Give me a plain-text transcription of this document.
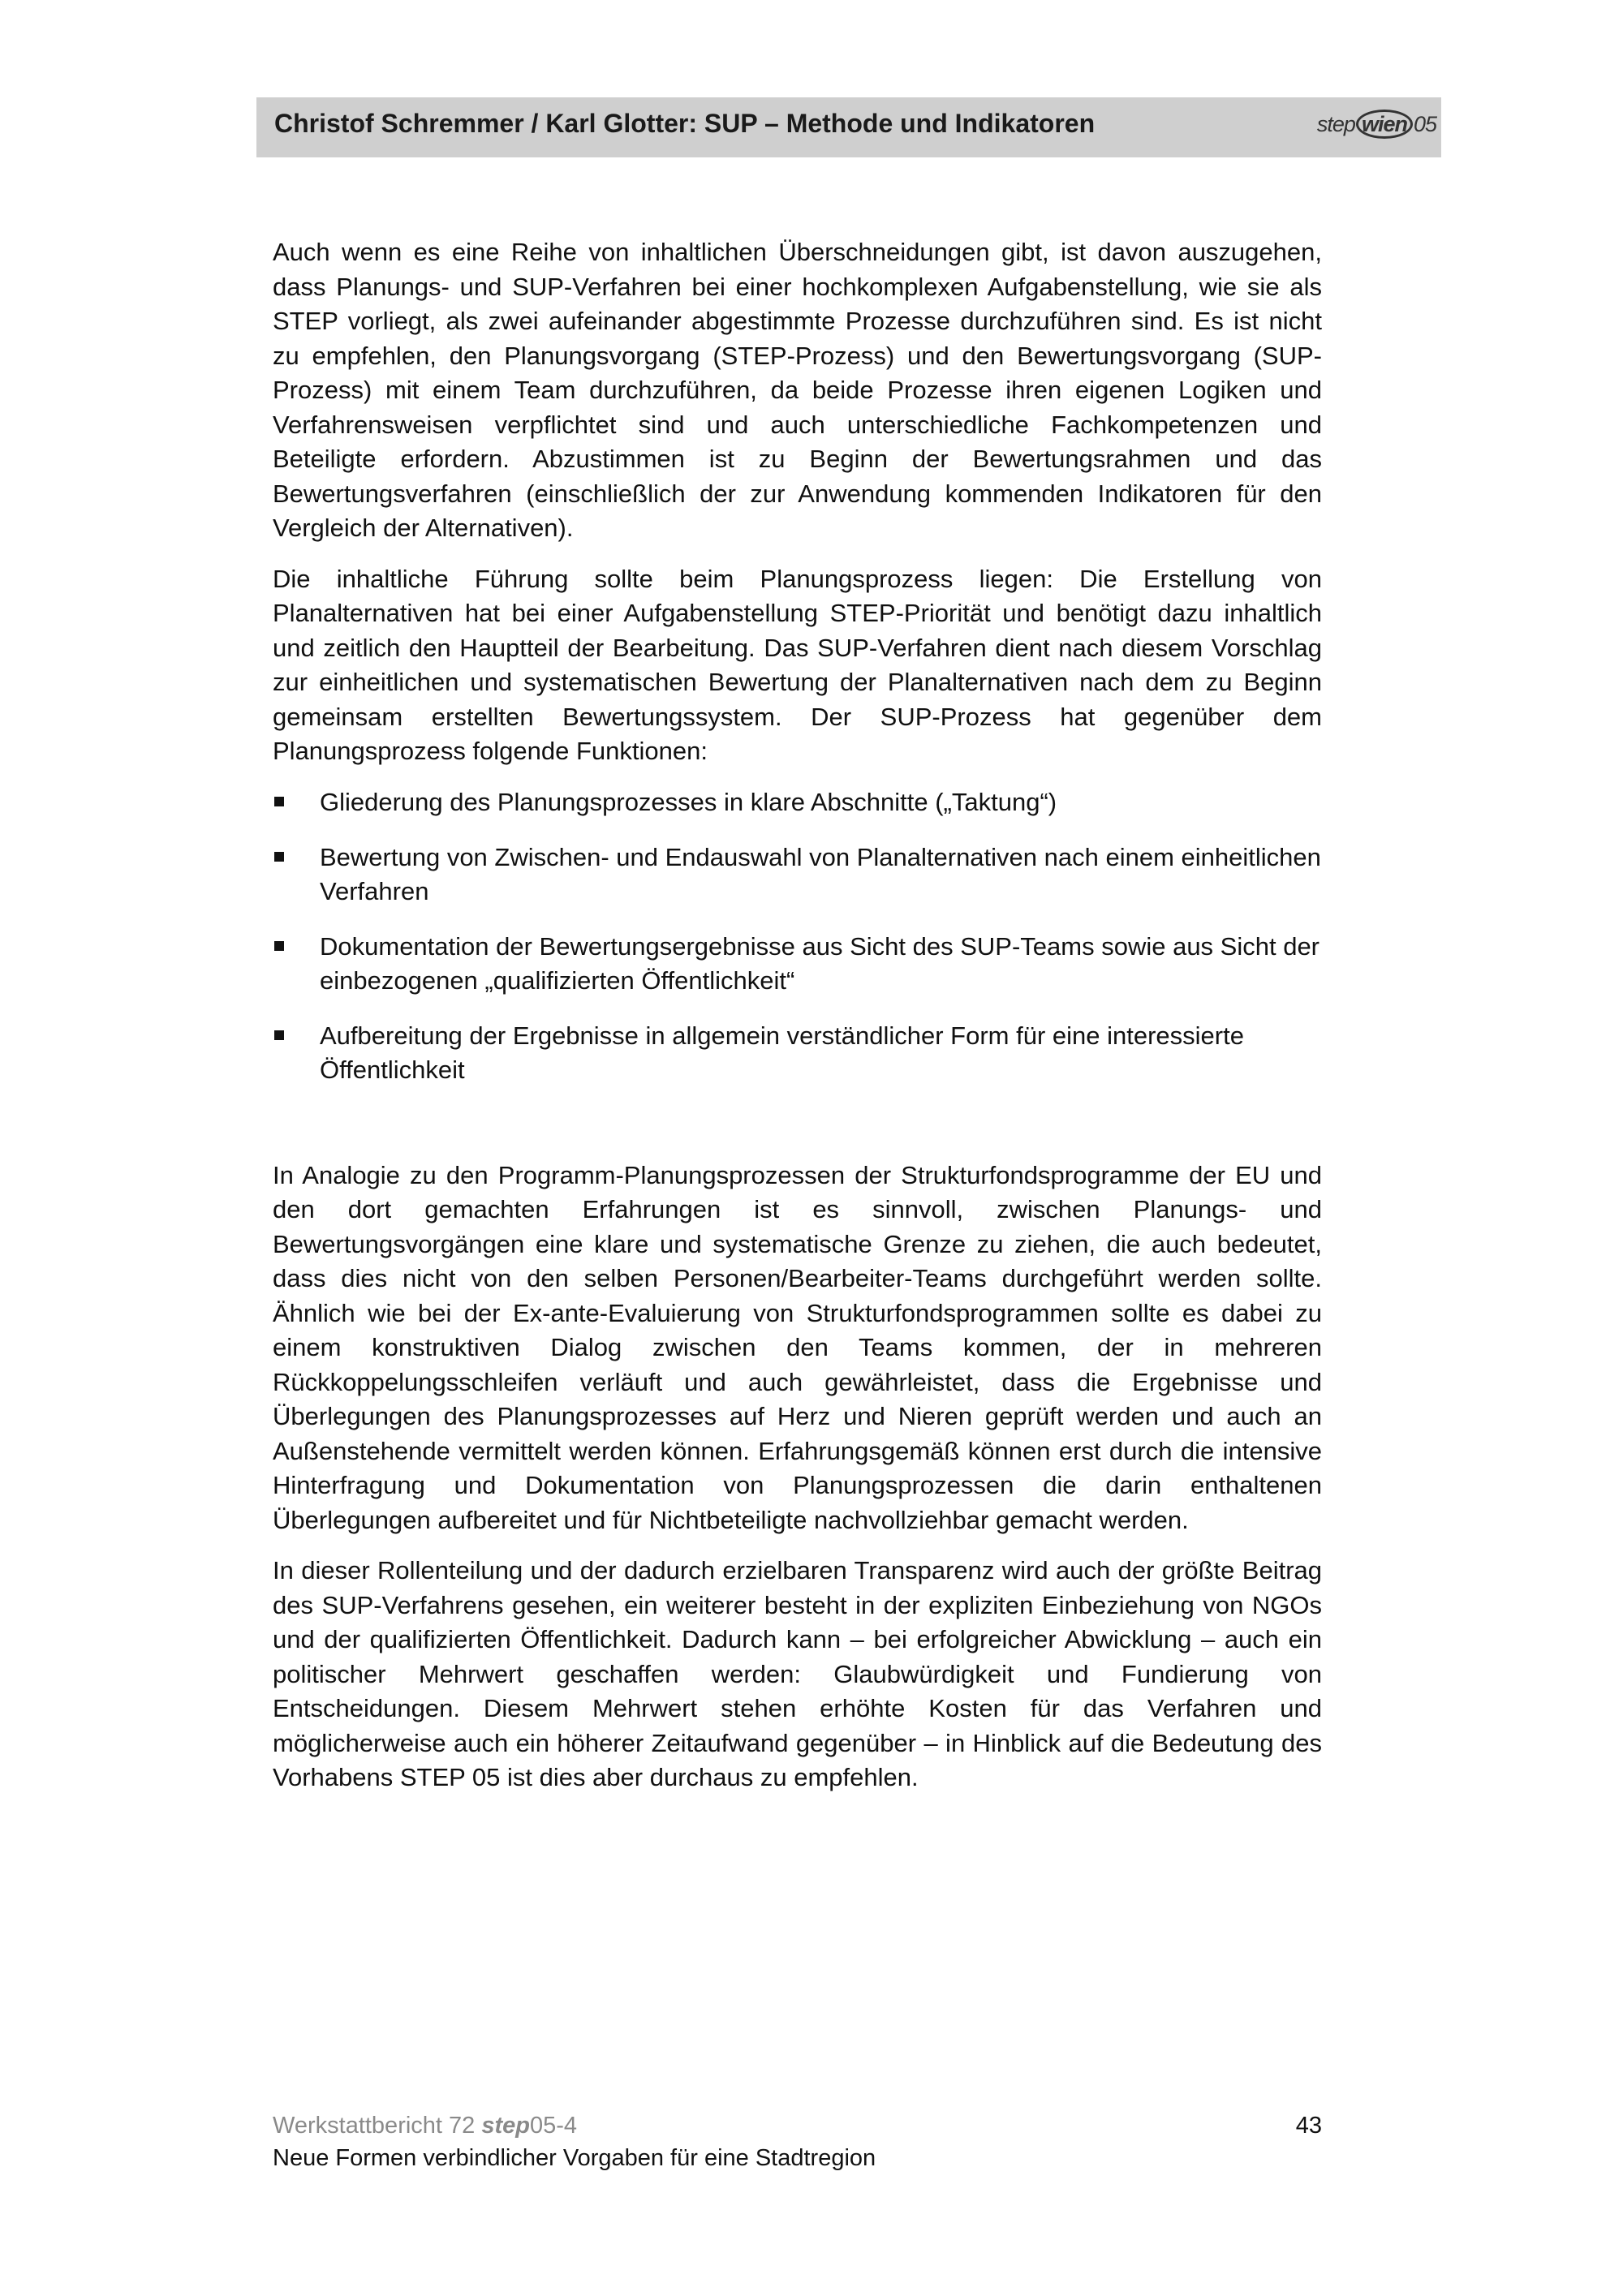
Christof Schremmer / Karl Glotter: SUP – Methode und Indikatoren	step wien 05

Auch wenn es eine Reihe von inhaltlichen Überschneidungen gibt, ist davon auszugehen, dass Planungs- und SUP-Verfahren bei einer hochkomplexen Aufgabenstellung, wie sie als STEP vorliegt, als zwei aufeinander abgestimmte Prozesse durchzuführen sind. Es ist nicht zu empfehlen, den Planungsvorgang (STEP-Prozess) und den Bewertungsvorgang (SUP-Prozess) mit einem Team durchzuführen, da beide Prozesse ihren eigenen Logiken und Verfahrensweisen verpflichtet sind und auch unterschiedliche Fachkompetenzen und Beteiligte erfordern. Abzustimmen ist zu Beginn der Bewertungsrahmen und das Bewertungsverfahren (einschließlich der zur Anwendung kommenden Indikatoren für den Vergleich der Alternativen).

Die inhaltliche Führung sollte beim Planungsprozess liegen: Die Erstellung von Planalternativen hat bei einer Aufgabenstellung STEP-Priorität und benötigt dazu inhaltlich und zeitlich den Hauptteil der Bearbeitung. Das SUP-Verfahren dient nach diesem Vorschlag zur einheitlichen und systematischen Bewertung der Planalternativen nach dem zu Beginn gemeinsam erstellten Bewertungssystem. Der SUP-Prozess hat gegenüber dem Planungsprozess folgende Funktionen:

Gliederung des Planungsprozesses in klare Abschnitte („Taktung“)
Bewertung von Zwischen- und Endauswahl von Planalternativen nach einem einheitlichen Verfahren
Dokumentation der Bewertungsergebnisse aus Sicht des SUP-Teams sowie aus Sicht der einbezogenen „qualifizierten Öffentlichkeit“
Aufbereitung der Ergebnisse in allgemein verständlicher Form für eine interessierte Öffentlichkeit

In Analogie zu den Programm-Planungsprozessen der Strukturfondsprogramme der EU und den dort gemachten Erfahrungen ist es sinnvoll, zwischen Planungs- und Bewertungsvorgängen eine klare und systematische Grenze zu ziehen, die auch bedeutet, dass dies nicht von den selben Personen/Bearbeiter-Teams durchgeführt werden sollte. Ähnlich wie bei der Ex-ante-Evaluierung von Strukturfondsprogrammen sollte es dabei zu einem konstruktiven Dialog zwischen den Teams kommen, der in mehreren Rückkoppelungsschleifen verläuft und auch gewährleistet, dass die Ergebnisse und Überlegungen des Planungsprozesses auf Herz und Nieren geprüft werden und auch an Außenstehende vermittelt werden können. Erfahrungsgemäß können erst durch die intensive Hinterfragung und Dokumentation von Planungsprozessen die darin enthaltenen Überlegungen aufbereitet und für Nichtbeteiligte nachvollziehbar gemacht werden.

In dieser Rollenteilung und der dadurch erzielbaren Transparenz wird auch der größte Beitrag des SUP-Verfahrens gesehen, ein weiterer besteht in der expliziten Einbeziehung von NGOs und der qualifizierten Öffentlichkeit. Dadurch kann – bei erfolgreicher Abwicklung – auch ein politischer Mehrwert geschaffen werden: Glaubwürdigkeit und Fundierung von Entscheidungen. Diesem Mehrwert stehen erhöhte Kosten für das Verfahren und möglicherweise auch ein höherer Zeitaufwand gegenüber – in Hinblick auf die Bedeutung des Vorhabens STEP 05 ist dies aber durchaus zu empfehlen.

Werkstattbericht 72 step05-4
Neue Formen verbindlicher Vorgaben für eine Stadtregion
43
